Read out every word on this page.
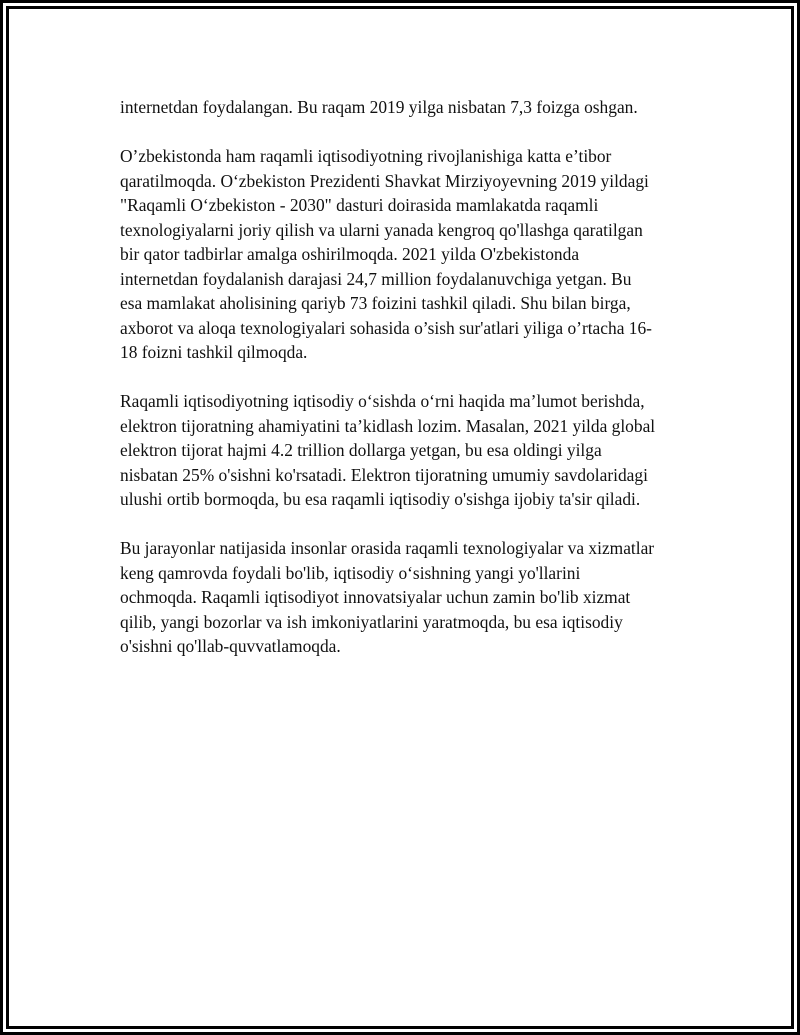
internetdan foydalangan. Bu raqam 2019 yilga nisbatan 7,3 foizga oshgan.

O’zbekistonda ham raqamli iqtisodiyotning rivojlanishiga katta e’tibor
qaratilmoqda. O‘zbekiston Prezidenti Shavkat Mirziyoyevning 2019 yildagi
"Raqamli O‘zbekiston - 2030" dasturi doirasida mamlakatda raqamli
texnologiyalarni joriy qilish va ularni yanada kengroq qo'llashga qaratilgan
bir qator tadbirlar amalga oshirilmoqda. 2021 yilda O'zbekistonda
internetdan foydalanish darajasi 24,7 million foydalanuvchiga yetgan. Bu
esa mamlakat aholisining qariyb 73 foizini tashkil qiladi. Shu bilan birga,
axborot va aloqa texnologiyalari sohasida o’sish sur'atlari yiliga o’rtacha 16-
18 foizni tashkil qilmoqda.

Raqamli iqtisodiyotning iqtisodiy o‘sishda o‘rni haqida ma’lumot berishda,
elektron tijoratning ahamiyatini ta’kidlash lozim. Masalan, 2021 yilda global
elektron tijorat hajmi 4.2 trillion dollarga yetgan, bu esa oldingi yilga
nisbatan 25% o'sishni ko'rsatadi. Elektron tijoratning umumiy savdolaridagi
ulushi ortib bormoqda, bu esa raqamli iqtisodiy o'sishga ijobiy ta'sir qiladi.

Bu jarayonlar natijasida insonlar orasida raqamli texnologiyalar va xizmatlar
keng qamrovda foydali bo'lib, iqtisodiy o‘sishning yangi yo'llarini
ochmoqda. Raqamli iqtisodiyot innovatsiyalar uchun zamin bo'lib xizmat
qilib, yangi bozorlar va ish imkoniyatlarini yaratmoqda, bu esa iqtisodiy
o'sishni qo'llab-quvvatlamoqda.
